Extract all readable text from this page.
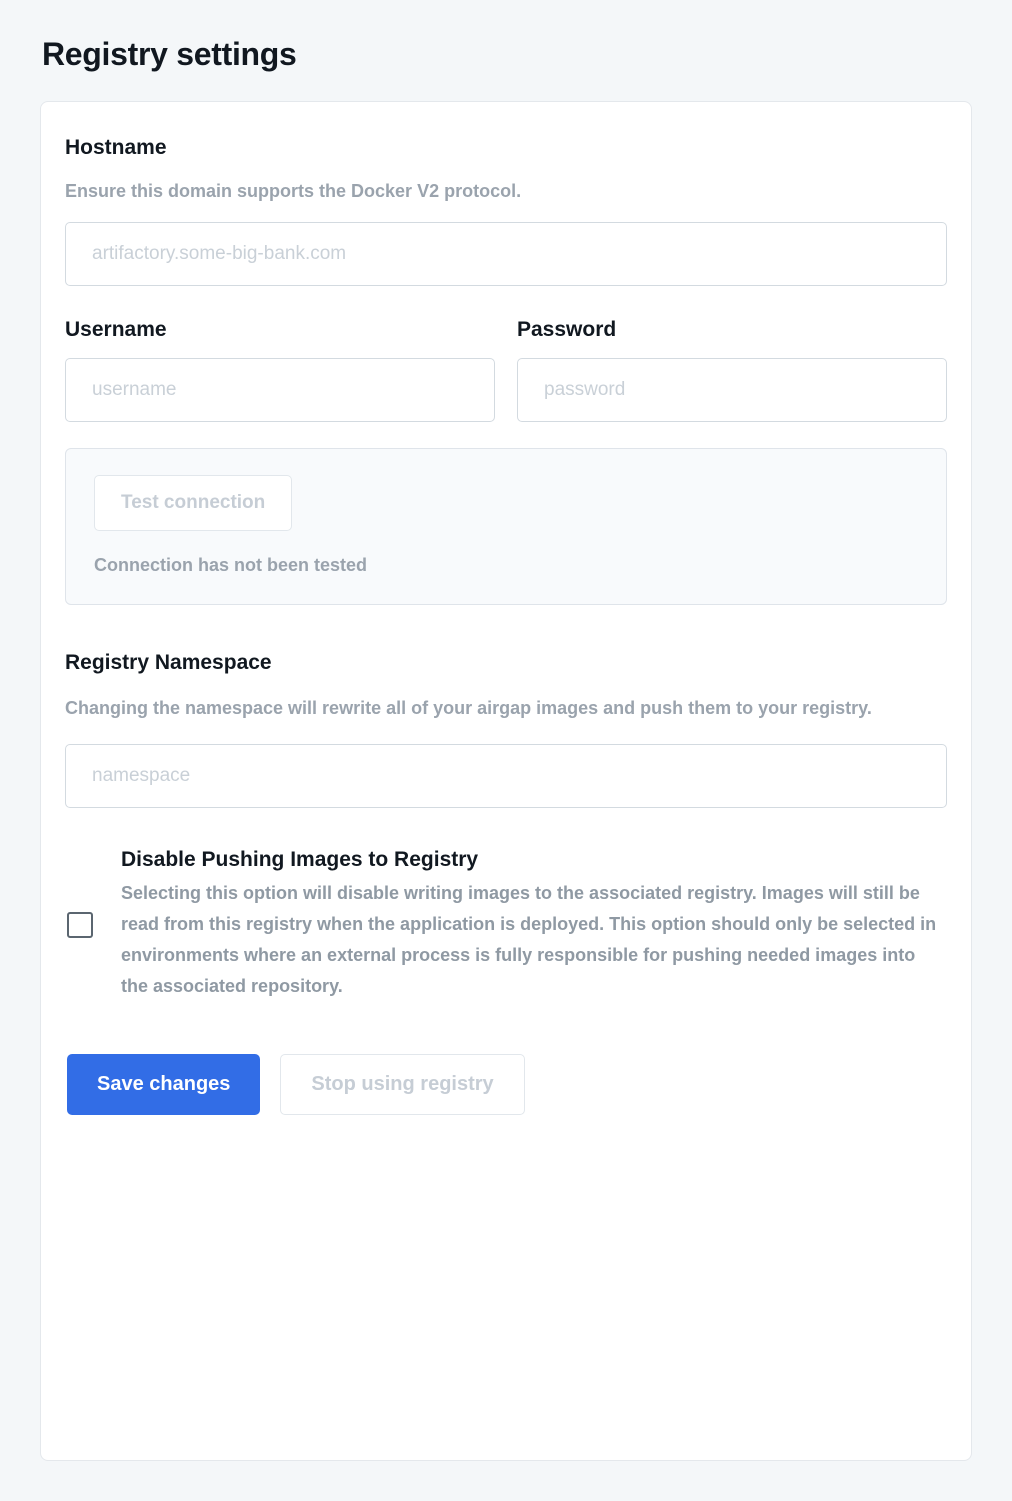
Registry settings
Hostname

Ensure this domain supports the Docker V2 protocol.

artifactory.some-big-bank.com
Username
username	Password
password
Test connection
Connection has not been tested
Registry Namespace

Changing the namespace will rewrite all of your airgap images and push them to your registry.

namespace
Disable Pushing Images to Registry

Selecting this option will disable writing images to the associated registry. Images will still be read from this registry when the application is deployed. This option should only be selected in environments where an external process is fully responsible for pushing needed images into the associated repository.

Save changes	Stop using registry
